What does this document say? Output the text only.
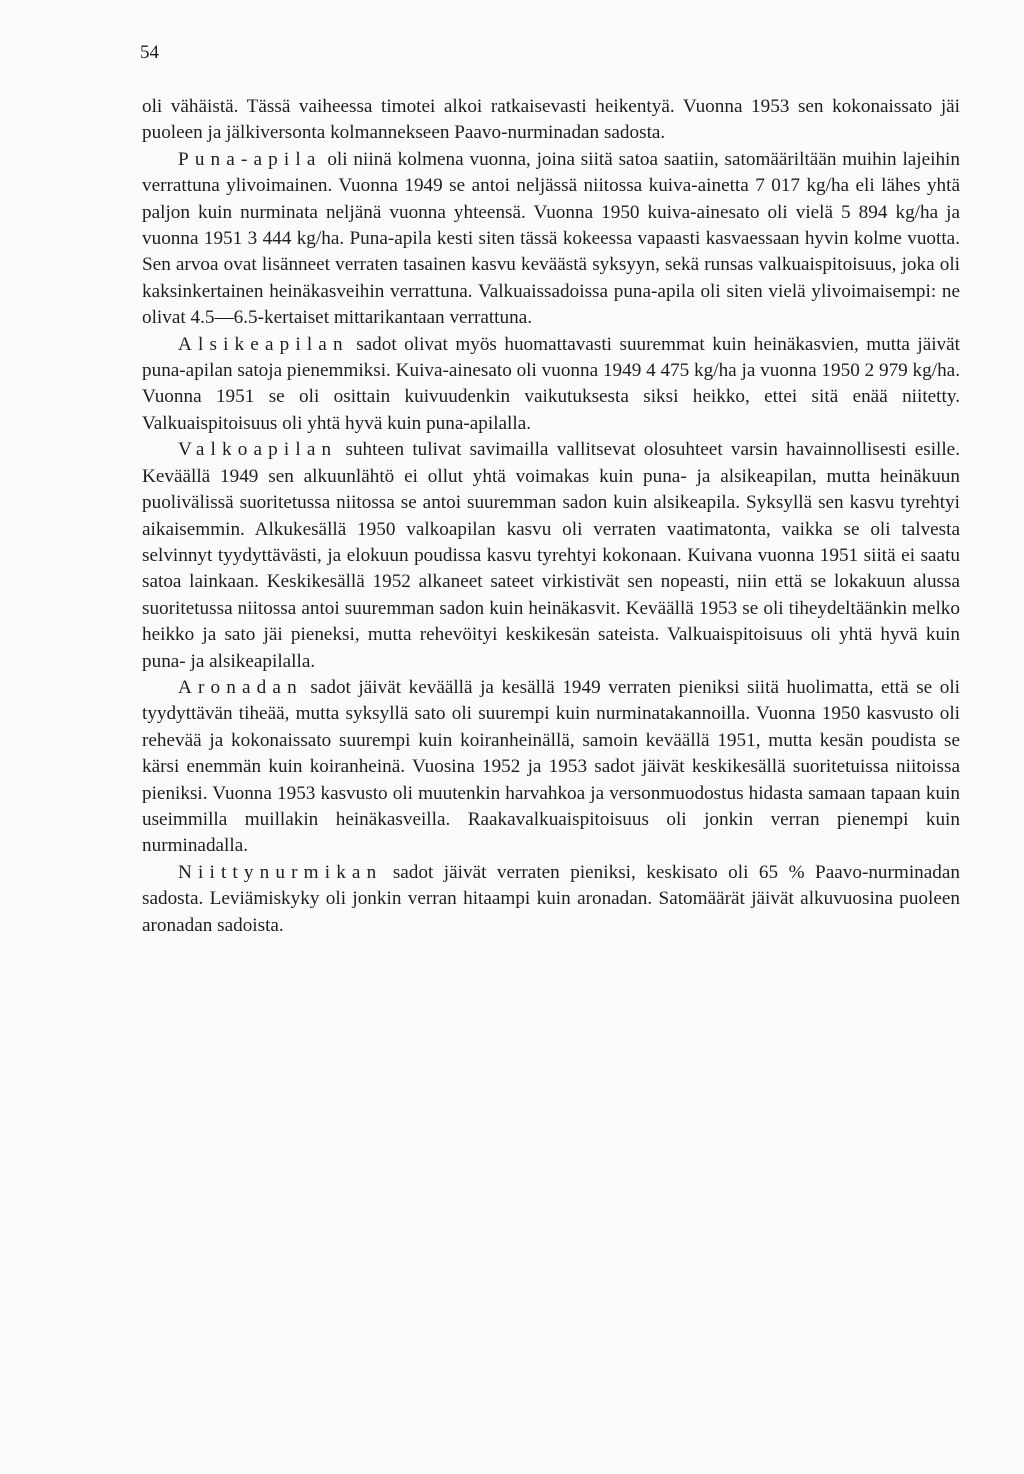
54

oli vähäistä. Tässä vaiheessa timotei alkoi ratkaisevasti heikentyä. Vuonna 1953 sen kokonaissato jäi puoleen ja jälkiversonta kolmannekseen Paavo-nurminadan sadosta.

Puna-apila oli niinä kolmena vuonna, joina siitä satoa saatiin, satomääriltään muihin lajeihin verrattuna ylivoimainen. Vuonna 1949 se antoi neljässä niitossa kuiva-ainetta 7 017 kg/ha eli lähes yhtä paljon kuin nurminata neljänä vuonna yhteensä. Vuonna 1950 kuiva-ainesato oli vielä 5 894 kg/ha ja vuonna 1951 3 444 kg/ha. Puna-apila kesti siten tässä kokeessa vapaasti kasvaessaan hyvin kolme vuotta. Sen arvoa ovat lisänneet verraten tasainen kasvu keväästä syksyyn, sekä runsas valkuaispitoisuus, joka oli kaksinkertainen heinäkasveihin verrattuna. Valkuaissadoissa puna-apila oli siten vielä ylivoimaisempi: ne olivat 4.5—6.5-kertaiset mittarikantaan verrattuna.

Alsikeapilan sadot olivat myös huomattavasti suuremmat kuin heinäkasvien, mutta jäivät puna-apilan satoja pienemmiksi. Kuiva-ainesato oli vuonna 1949 4 475 kg/ha ja vuonna 1950 2 979 kg/ha. Vuonna 1951 se oli osittain kuivuudenkin vaikutuksesta siksi heikko, ettei sitä enää niitetty. Valkuaispitoisuus oli yhtä hyvä kuin puna-apilalla.

Valkoapilan suhteen tulivat savimailla vallitsevat olosuhteet varsin havainnollisesti esille. Keväällä 1949 sen alkuunlähtö ei ollut yhtä voimakas kuin puna- ja alsikeapilan, mutta heinäkuun puolivälissä suoritetussa niitossa se antoi suuremman sadon kuin alsikeapila. Syksyllä sen kasvu tyrehtyi aikaisemmin. Alkukesällä 1950 valkoapilan kasvu oli verraten vaatimatonta, vaikka se oli talvesta selvinnyt tyydyttävästi, ja elokuun poudissa kasvu tyrehtyi kokonaan. Kuivana vuonna 1951 siitä ei saatu satoa lainkaan. Keskikesällä 1952 alkaneet sateet virkistivät sen nopeasti, niin että se lokakuun alussa suoritetussa niitossa antoi suuremman sadon kuin heinäkasvit. Keväällä 1953 se oli tiheydeltäänkin melko heikko ja sato jäi pieneksi, mutta rehevöityi keskikesän sateista. Valkuaispitoisuus oli yhtä hyvä kuin puna- ja alsikeapilalla.

Aronadan sadot jäivät keväällä ja kesällä 1949 verraten pieniksi siitä huolimatta, että se oli tyydyttävän tiheää, mutta syksyllä sato oli suurempi kuin nurminatakannoilla. Vuonna 1950 kasvusto oli rehevää ja kokonaissato suurempi kuin koiranheinällä, samoin keväällä 1951, mutta kesän poudista se kärsi enemmän kuin koiranheinä. Vuosina 1952 ja 1953 sadot jäivät keskikesällä suoritetuissa niitoissa pieniksi. Vuonna 1953 kasvusto oli muutenkin harvahkoa ja versonmuodostus hidasta samaan tapaan kuin useimmilla muillakin heinäkasveilla. Raakavalkuaispitoisuus oli jonkin verran pienempi kuin nurminadalla.

Niittynurmikan sadot jäivät verraten pieniksi, keskisato oli 65 % Paavo-nurminadan sadosta. Leviämiskyky oli jonkin verran hitaampi kuin aronadan. Satomäärät jäivät alkuvuosina puoleen aronadan sadoista.
